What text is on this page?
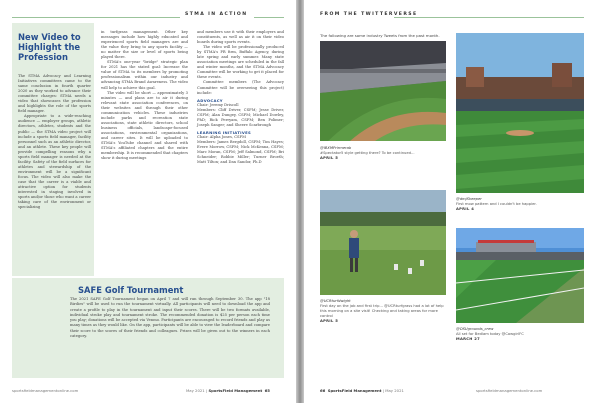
STMA IN ACTION
New Video to Highlight the Profession

The STMA Advocacy and Learning Initiatives committees came to the same conclusion in fourth quarter 2020 as they worked to advance their committee charges: STMA needs a video that showcases the profession and highlights the role of the sports field manager.

Appropriate to a wide-reaching audience — employer groups, athletic directors, athletes, students and the public — the STMA video project will include a sports field manager, facility personnel such as an athletic director, and an athlete. These key people will provide compelling reasons why a sports field manager is needed at the facility. Safety of the field surfaces for athletes and stewardship of the environment will be a significant focus. The video will also make the case that the career is a viable and attractive option for students interested in staging involved in sports and/or those who want a career taking care of the environment or specializing

in turfgrass management. Other key messages include how highly educated and experienced sports field managers are and the value they bring to any sports facility — no matter the size or level of sports being played there.

STMA's one-year "bridge" strategic plan for 2021 has the stated goal: Increase the value of STMA to its members by promoting professionalism within our industry and advancing STMA Brand Awareness. The video will help to achieve this goal.

The video will be short — approximately 3 minutes — and plans are to air it during relevant state association conferences, on their websites and through their other communication vehicles. These industries include parks and recreation state associations, state athletic directors, school business officials, landscape-focused associations, environmental organizations, and career sites. It will be uploaded to STMA's YouTube channel and shared with STMA's affiliated chapters and the entire membership. It is recommended that chapters show it during meetings

and members use it with their employers and constituents, as well as air it on their video boards during sports events.

The video will be professionally produced by STMA's PR firm, Buffalo Agency, during late spring and early summer. Many state association meetings are scheduled in the fall and winter months, and the STMA Advocacy Committee will be working to get it placed for these events.

Committee members (The Advocacy Committee will be overseeing this project) include:

ADVOCACY

Chair: Jeremy Driscoll

Members: Cliff Driver, CSFM; Jesse Driver, CSFM; Alan Dungey, CSFM; Michael Dowley, PhD; Rick Perryam, CSFM; Ben Polimer; Joseph Sanger; and Sheere Scarbrough

LEARNING INITIATIVES

Chair: Alpha Jones, CSFM

Members: James Bergdoll, CSFM; Tim Hayes; Evere Morrow, CSFM; Nick McKenna, CSFM; Marc Moran, CSFM; Jeff Salmond, CSFM; Bri Schneider; Robbie Miller; Turner Broeth; Matt Tilton; and Dan Sandor, Ph.D

SAFE Golf Tournament
The 2021 SAFE Golf Tournament began on April 7 and will run through September 30. The app "18 Birdies" will be used to run the tournament virtually. All participants will need to download the app and create a profile to play in the tournament and input their scores. There will be two formats available, individual stroke play and tournament stroke. The recommended donation is $25 per person each time you play; donations will be accepted via Venmo. Participants are encouraged to record friends and play as many times as they would like. On the app, participants will be able to view the leaderboard and compare their score to the scores of their friends and colleagues. Prizes will be given out to the winners in each category.
sportsfieldmanagementonline.com	May 2021 | SportsField Management 65
FROM THE TWITTERVERSE
The following are some industry Tweets from the past month.
@IBXMPrirmerab
#Spectator5 style getting there? To be continued...
APRIL 5
@dmjSkeeper
First mow pattern and I couldn't be happier.
APRIL 4
@UCRturfdwight
First day on the job and first trip... @UCRturfgrass had a lot of help this morning on a site visit! Checking and taking areas for more control
APRIL 5
@OSUgrounds_crew
All set for Bedlam today @CowgirlFC
MARCH 27
66 SportsField Management | May 2021	sportsfieldmanagementonline.com
